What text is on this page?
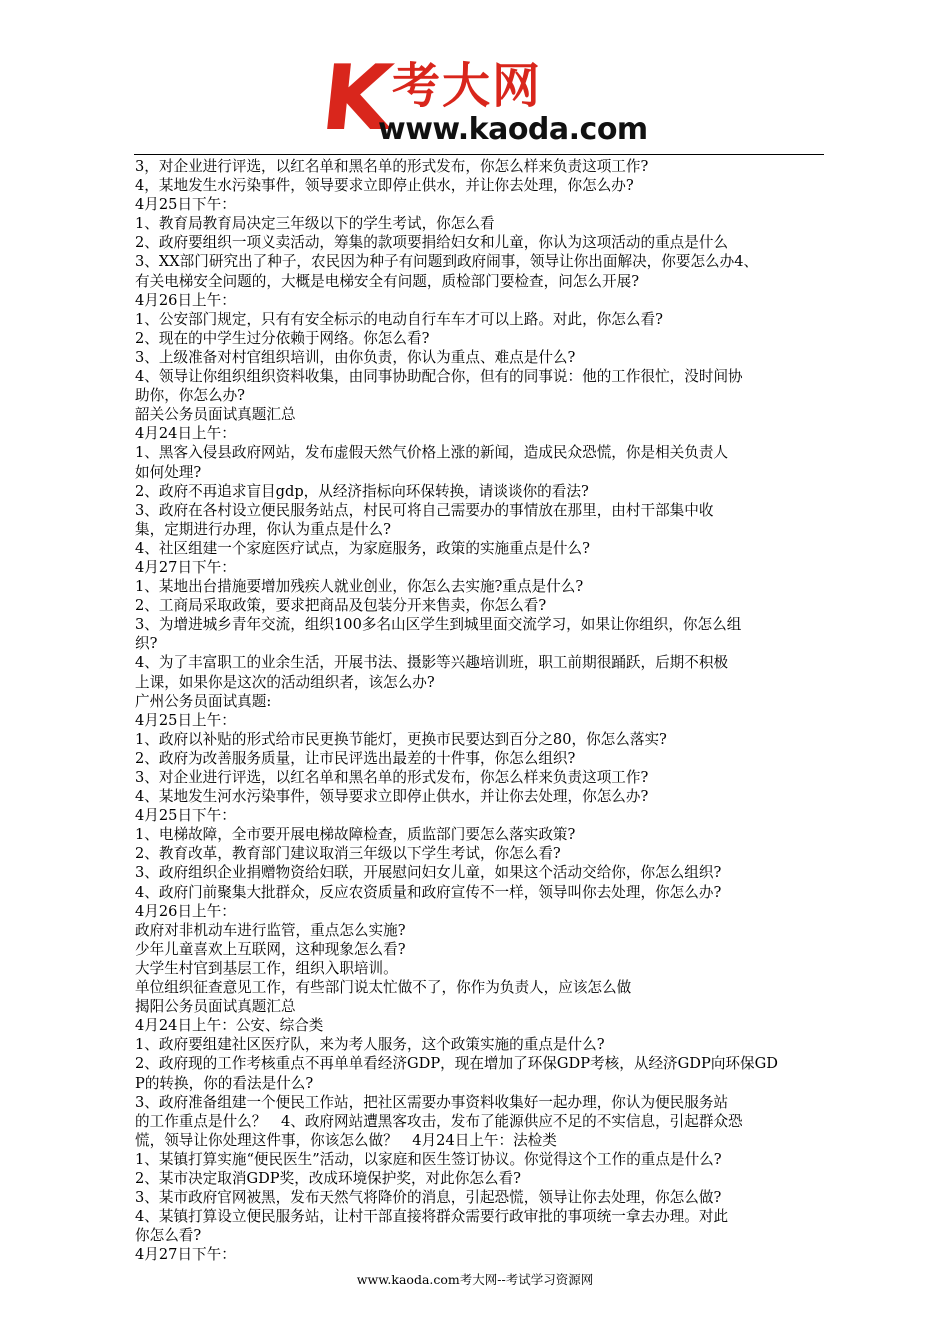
K
考大网
www.kaoda.com
3，对企业进行评选，以红名单和黑名单的形式发布，你怎么样来负责这项工作?
4，某地发生水污染事件，领导要求立即停止供水，并让你去处理，你怎么办?
4月25日下午：
1、教育局教育局决定三年级以下的学生考试，你怎么看
2、政府要组织一项义卖活动，筹集的款项要捐给妇女和儿童，你认为这项活动的重点是什么
3、XX部门研究出了种子，农民因为种子有问题到政府闹事，领导让你出面解决，你要怎么办4、
有关电梯安全问题的，大概是电梯安全有问题，质检部门要检查，问怎么开展?
4月26日上午：
1、公安部门规定，只有有安全标示的电动自行车车才可以上路。对此，你怎么看?
2、现在的中学生过分依赖于网络。你怎么看?
3、上级准备对村官组织培训，由你负责，你认为重点、难点是什么?
4、领导让你组织组织资料收集，由同事协助配合你，但有的同事说：他的工作很忙，没时间协
助你，你怎么办?
韶关公务员面试真题汇总
4月24日上午：
1、黑客入侵县政府网站，发布虚假天然气价格上涨的新闻，造成民众恐慌，你是相关负责人
如何处理?
2、政府不再追求盲目gdp，从经济指标向环保转换，请谈谈你的看法?
3、政府在各村设立便民服务站点，村民可将自己需要办的事情放在那里，由村干部集中收
集，定期进行办理，你认为重点是什么?
4、社区组建一个家庭医疗试点，为家庭服务，政策的实施重点是什么?
4月27日下午：
1、某地出台措施要增加残疾人就业创业，你怎么去实施?重点是什么?
2、工商局采取政策，要求把商品及包装分开来售卖，你怎么看?
3、为增进城乡青年交流，组织100多名山区学生到城里面交流学习，如果让你组织，你怎么组
织?
4、为了丰富职工的业余生活，开展书法、摄影等兴趣培训班，职工前期很踊跃，后期不积极
上课，如果你是这次的活动组织者，该怎么办?
广州公务员面试真题:
4月25日上午：
1、政府以补贴的形式给市民更换节能灯，更换市民要达到百分之80，你怎么落实?
2、政府为改善服务质量，让市民评选出最差的十件事，你怎么组织?
3、对企业进行评选，以红名单和黑名单的形式发布，你怎么样来负责这项工作?
4、某地发生河水污染事件，领导要求立即停止供水，并让你去处理，你怎么办?
4月25日下午：
1、电梯故障，全市要开展电梯故障检查，质监部门要怎么落实政策?
2、教育改革，教育部门建议取消三年级以下学生考试，你怎么看?
3、政府组织企业捐赠物资给妇联，开展慰问妇女儿童，如果这个活动交给你，你怎么组织?
4、政府门前聚集大批群众，反应农资质量和政府宣传不一样，领导叫你去处理，你怎么办?
4月26日上午：
政府对非机动车进行监管，重点怎么实施?
少年儿童喜欢上互联网，这种现象怎么看?
大学生村官到基层工作，组织入职培训。
单位组织征查意见工作，有些部门说太忙做不了，你作为负责人，应该怎么做
揭阳公务员面试真题汇总
4月24日上午：公安、综合类
1、政府要组建社区医疗队，来为考人服务，这个政策实施的重点是什么?
2、政府现的工作考核重点不再单单看经济GDP，现在增加了环保GDP考核，从经济GDP向环保GD
P的转换，你的看法是什么?
3、政府准备组建一个便民工作站，把社区需要办事资料收集好一起办理，你认为便民服务站
的工作重点是什么？　4、政府网站遭黑客攻击，发布了能源供应不足的不实信息，引起群众恐
慌，领导让你处理这件事，你该怎么做？　4月24日上午：法检类
1、某镇打算实施“便民医生”活动，以家庭和医生签订协议。你觉得这个工作的重点是什么?
2、某市决定取消GDP奖，改成环境保护奖，对此你怎么看?
3、某市政府官网被黑，发布天然气将降价的消息，引起恐慌，领导让你去处理，你怎么做?
4、某镇打算设立便民服务站，让村干部直接将群众需要行政审批的事项统一拿去办理。对此
你怎么看?
4月27日下午：
www.kaoda.com考大网--考试学习资源网
